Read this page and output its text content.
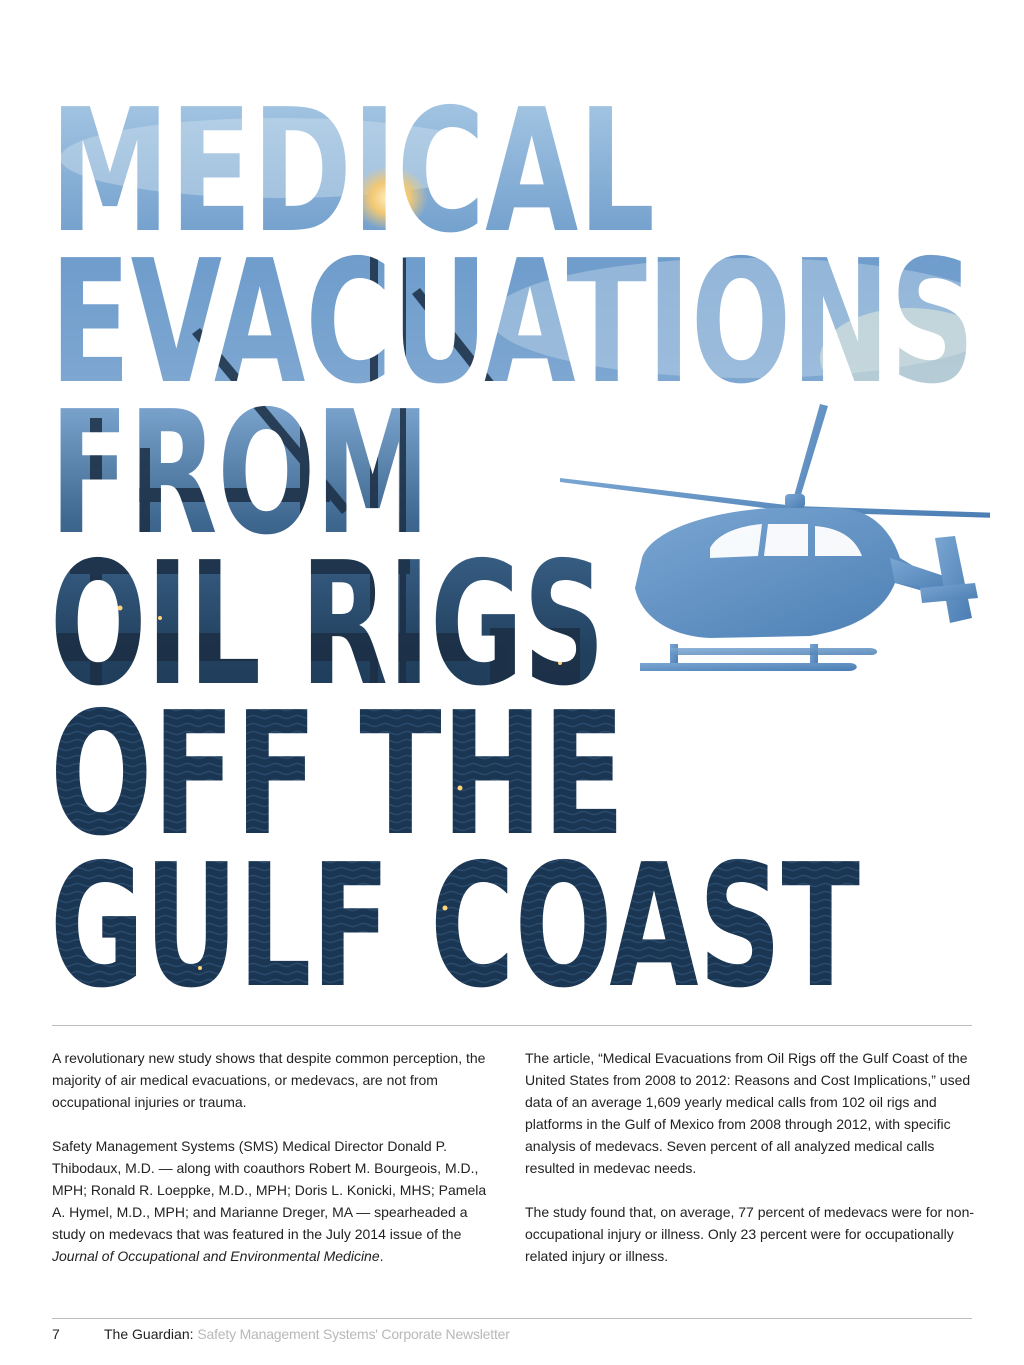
A revolutionary new study shows that despite common perception, the majority of air medical evacuations, or medevacs, are not from occupational injuries or trauma.

Safety Management Systems (SMS) Medical Director Donald P. Thibodaux, M.D. — along with coauthors Robert M. Bourgeois, M.D., MPH; Ronald R. Loeppke, M.D., MPH; Doris L. Konicki, MHS; Pamela A. Hymel, M.D., MPH; and Marianne Dreger, MA — spearheaded a study on medevacs that was featured in the July 2014 issue of the Journal of Occupational and Environmental Medicine.

The article, “Medical Evacuations from Oil Rigs off the Gulf Coast of the United States from 2008 to 2012: Reasons and Cost Implications,” used data of an average 1,609 yearly medical calls from 102 oil rigs and platforms in the Gulf of Mexico from 2008 through 2012, with specific analysis of medevacs. Seven percent of all analyzed medical calls resulted in medevac needs.

The study found that, on average, 77 percent of medevacs were for non-occupational injury or illness. Only 23 percent were for occupationally related injury or illness.

7	The Guardian: Safety Management Systems' Corporate Newsletter
